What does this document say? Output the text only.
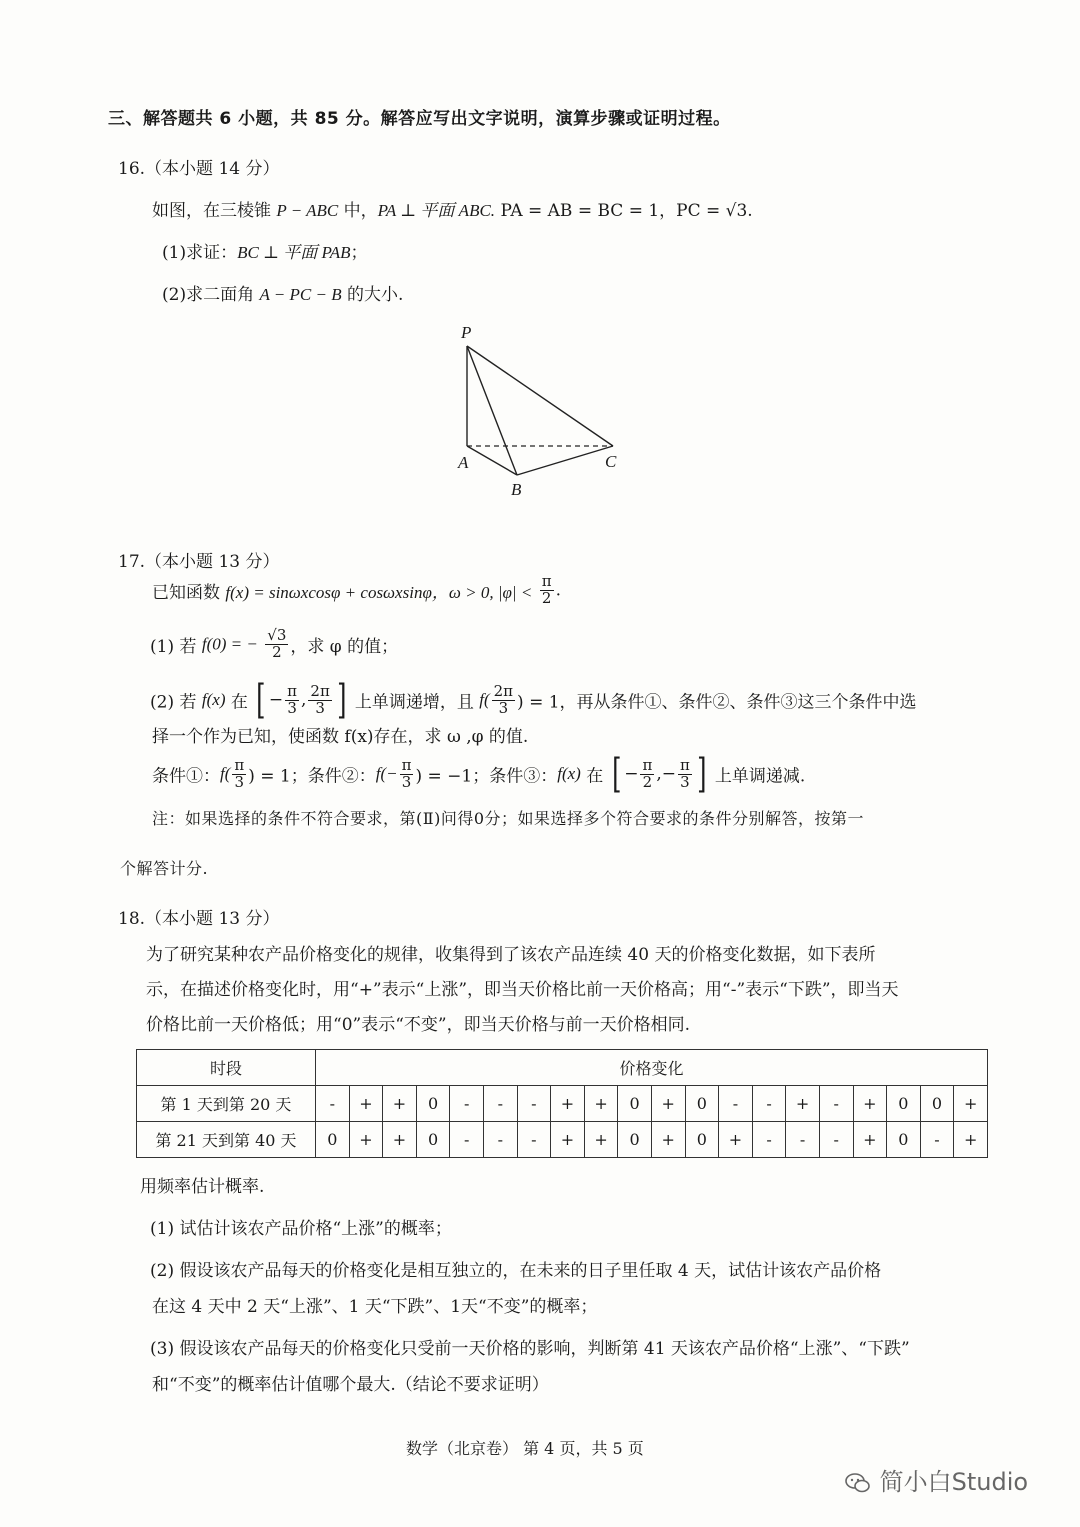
三、解答题共 6 小题，共 85 分。解答应写出文字说明，演算步骤或证明过程。
16.（本小题 14 分）
如图，在三棱锥 P − ABC 中，PA ⊥ 平面 ABC. PA = AB = BC = 1，PC = √3.
(1)求证：BC ⊥ 平面 PAB；
(2)求二面角 A − PC − B 的大小.
P
A
B
C
17.（本小题 13 分）
已知函数 f(x) = sinωxcosφ + cosωxsinφ，ω > 0, $|\varphi| < \frac{\pi}{2}$ .
(1) 若 f(0) = − $\frac{√3}{2}$ ，求 φ 的值；
(2) 若 f(x) 在 [ − $\frac{\pi}{3}$ , $\frac{2\pi}{3}$ ] 上单调递增，且 $f( \frac{2\pi}{3}$ ) = 1，再从条件①、条件②、条件③这三个条件中选
择一个作为已知，使函数 f(x)存在，求 ω ,φ 的值.
条件①：$f( \frac{\pi}{3}$ ) = 1；条件②：$f(- \frac{\pi}{3}$ ) = −1；条件③：f(x) 在 [ − $\frac{\pi}{2}$ ,− $\frac{\pi}{3}$ ] 上单调递减.
注：如果选择的条件不符合要求，第(Ⅱ)问得0分；如果选择多个符合要求的条件分别解答，按第一
个解答计分.
18.（本小题 13 分）
为了研究某种农产品价格变化的规律，收集得到了该农产品连续 40 天的价格变化数据，如下表所
示，在描述价格变化时，用“+”表示“上涨”，即当天价格比前一天价格高；用“-”表示“下跌”，即当天
价格比前一天价格低；用“0”表示“不变”，即当天价格与前一天价格相同.
时段	价格变化																			
第 1 天到第 20 天	-	+	+	0	-	-	-	+	+	0	+	0	-	-	+	-	+	0	0	+
第 21 天到第 40 天	0	+	+	0	-	-	-	+	+	0	+	0	+	-	-	-	+	0	-	+
用频率估计概率.
(1) 试估计该农产品价格“上涨”的概率；
(2) 假设该农产品每天的价格变化是相互独立的，在未来的日子里任取 4 天，试估计该农产品价格
在这 4 天中 2 天“上涨”、1 天“下跌”、1天“不变”的概率；
(3) 假设该农产品每天的价格变化只受前一天价格的影响，判断第 41 天该农产品价格“上涨”、“下跌”
和“不变”的概率估计值哪个最大.（结论不要求证明）
数学（北京卷） 第 4 页，共 5 页
简小白Studio
